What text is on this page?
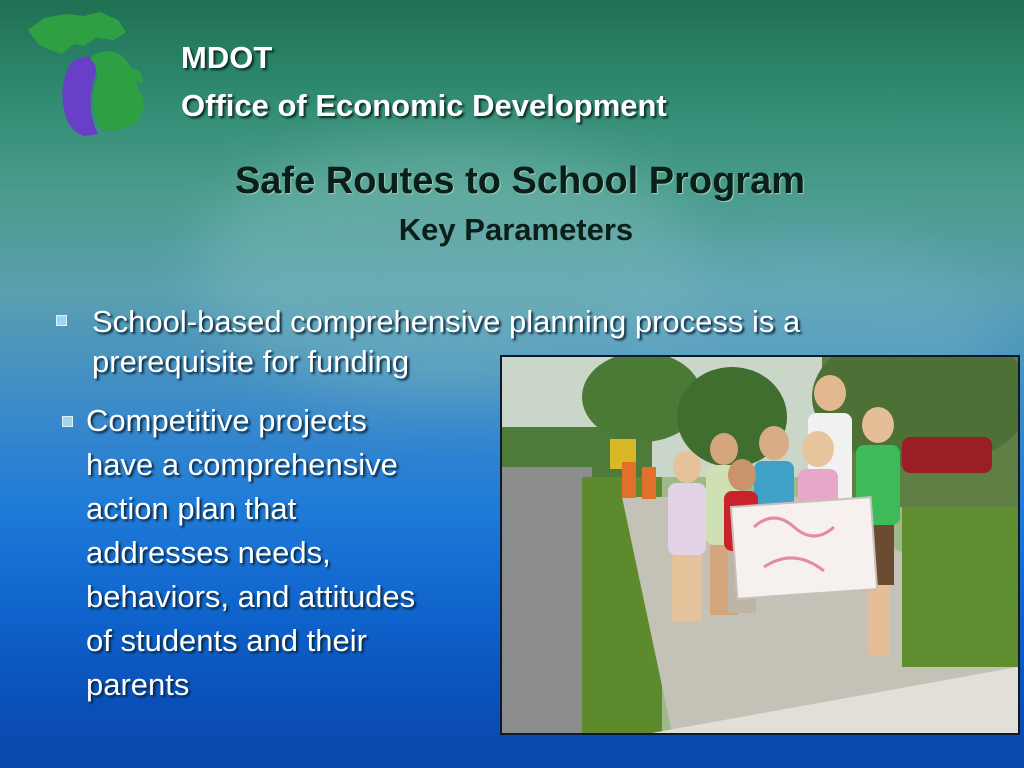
MDOT
Office of Economic Development
Safe Routes to School Program
Key Parameters
School-based comprehensive planning process is a
prerequisite for funding
Competitive projects
have a comprehensive
action plan that
addresses needs,
behaviors, and attitudes
of students and their
parents
